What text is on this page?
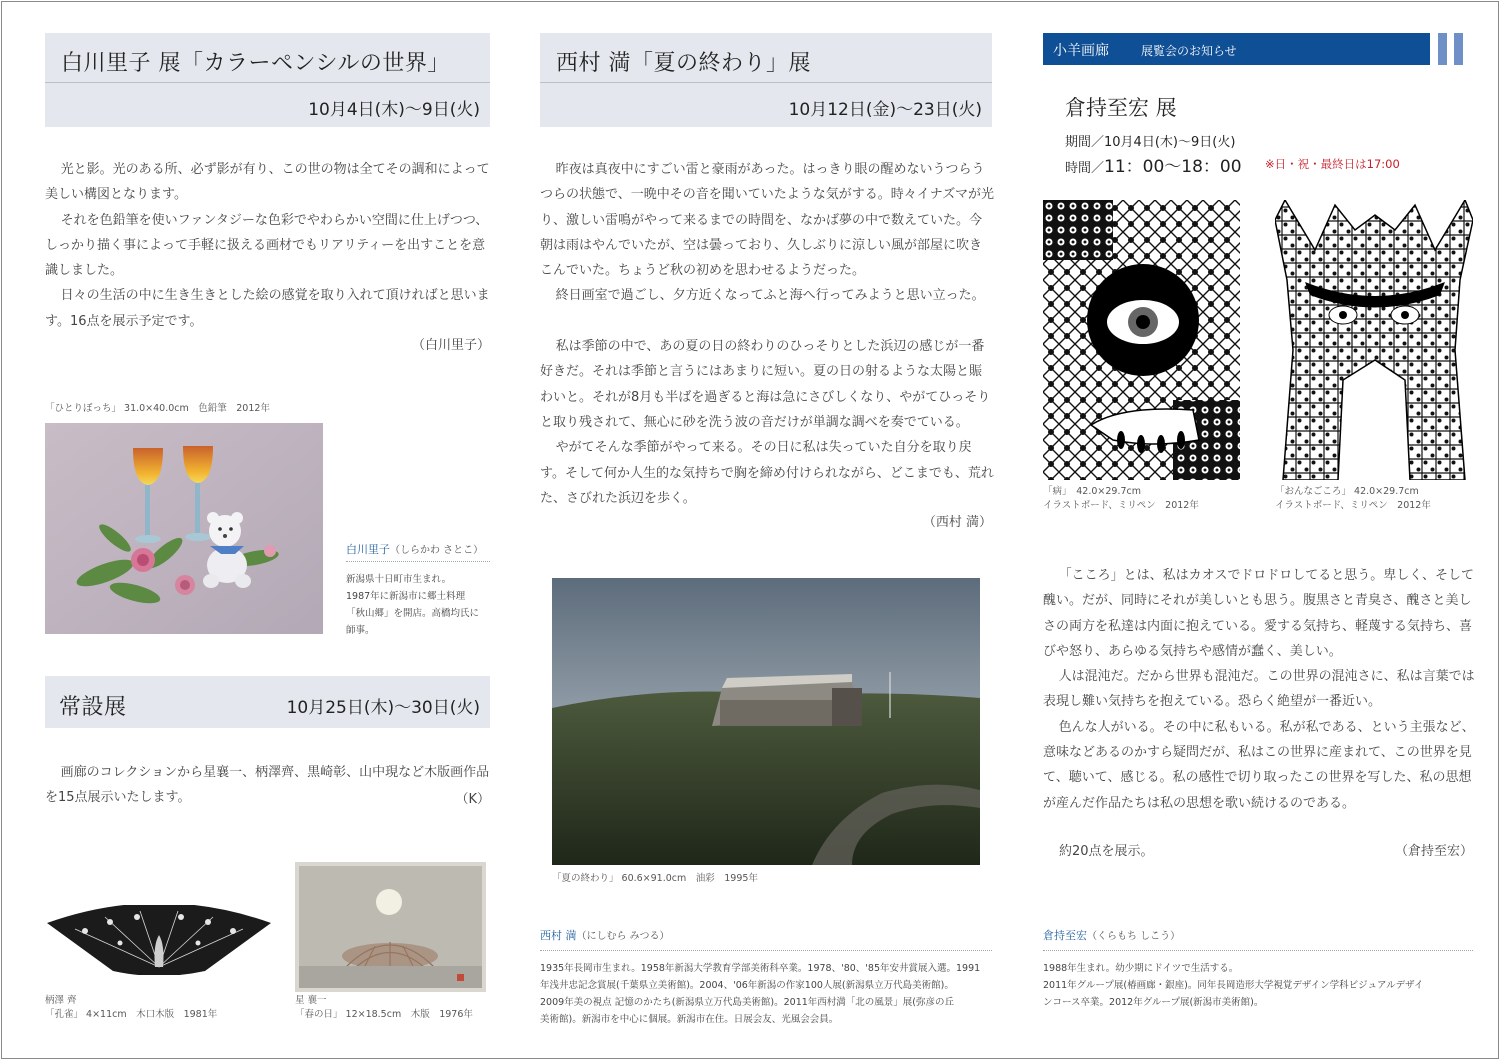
白川里子 展「カラーペンシルの世界」
10月4日(木)～9日(火)

光と影。光のある所、必ず影が有り、この世の物は全てその調和によって美しい構図となります。

それを色鉛筆を使いファンタジーな色彩でやわらかい空間に仕上げつつ、しっかり描く事によって手軽に扱える画材でもリアリティーを出すことを意識しました。

日々の生活の中に生き生きとした絵の感覚を取り入れて頂ければと思います。16点を展示予定です。

（白川里子）
「ひとりぼっち」 31.0×40.0cm　色鉛筆　2012年
白川里子（しらかわ さとこ）
新潟県十日町市生まれ。
1987年に新潟市に郷土料理
「秋山郷」を開店。高橋均氏に
師事。
常設展	10月25日(木)～30日(火)

画廊のコレクションから星襄一、柄澤齊、黒崎彰、山中現など木版画作品を15点展示いたします。	（K）
柄澤 齊
「孔雀」 4×11cm　木口木版　1981年
星 襄一
「春の日」 12×18.5cm　木版　1976年
西村 満「夏の終わり」展
10月12日(金)～23日(火)

昨夜は真夜中にすごい雷と豪雨があった。はっきり眼の醒めないうつらうつらの状態で、一晩中その音を聞いていたような気がする。時々イナズマが光り、激しい雷鳴がやって来るまでの時間を、なかば夢の中で数えていた。今朝は雨はやんでいたが、空は曇っており、久しぶりに涼しい風が部屋に吹きこんでいた。ちょうど秋の初めを思わせるようだった。

終日画室で過ごし、夕方近くなってふと海へ行ってみようと思い立った。

私は季節の中で、あの夏の日の終わりのひっそりとした浜辺の感じが一番好きだ。それは季節と言うにはあまりに短い。夏の日の射るような太陽と賑わいと。それが8月も半ばを過ぎると海は急にさびしくなり、やがてひっそりと取り残されて、無心に砂を洗う波の音だけが単調な調べを奏でている。

やがてそんな季節がやって来る。その日に私は失っていた自分を取り戻す。そして何か人生的な気持ちで胸を締め付けられながら、どこまでも、荒れた、さびれた浜辺を歩く。

（西村 満）
「夏の終わり」 60.6×91.0cm　油彩　1995年
西村 満（にしむら みつる）
1935年長岡市生まれ。1958年新潟大学教育学部美術科卒業。1978、'80、'85年安井賞展入選。1991
年浅井忠記念賞展(千葉県立美術館)。2004、'06年新潟の作家100人展(新潟県立万代島美術館)。
2009年美の視点 記憶のかたち(新潟県立万代島美術館)。2011年西村満「北の風景」展(弥彦の丘
美術館)。新潟市を中心に個展。新潟市在住。日展会友、光風会会員。
小羊画廊	展覧会のお知らせ
倉持至宏 展
期間／10月4日(木)～9日(火)
時間／11：00～18：00 ※日・祝・最終日は17:00
「病」　42.0×29.7cm
イラストボード、ミリペン　2012年
「おんなごころ」 42.0×29.7cm
イラストボード、ミリペン　2012年

「こころ」とは、私はカオスでドロドロしてると思う。卑しく、そして醜い。だが、同時にそれが美しいとも思う。腹黒さと青臭さ、醜さと美しさの両方を私達は内面に抱えている。愛する気持ち、軽蔑する気持ち、喜びや怒り、あらゆる気持ちや感情が蠢く、美しい。

人は混沌だ。だから世界も混沌だ。この世界の混沌さに、私は言葉では表現し難い気持ちを抱えている。恐らく絶望が一番近い。

色んな人がいる。その中に私もいる。私が私である、という主張など、意味などあるのかすら疑問だが、私はこの世界に産まれて、この世界を見て、聴いて、感じる。私の感性で切り取ったこの世界を写した、私の思想が産んだ作品たちは私の思想を歌い続けるのである。

約20点を展示。	（倉持至宏）
倉持至宏（くらもち しこう）
1988年生まれ。幼少期にドイツで生活する。
2011年グループ展(椿画廊・銀座)。同年長岡造形大学視覚デザイン学科ビジュアルデザイ
ンコース卒業。2012年グループ展(新潟市美術館)。
